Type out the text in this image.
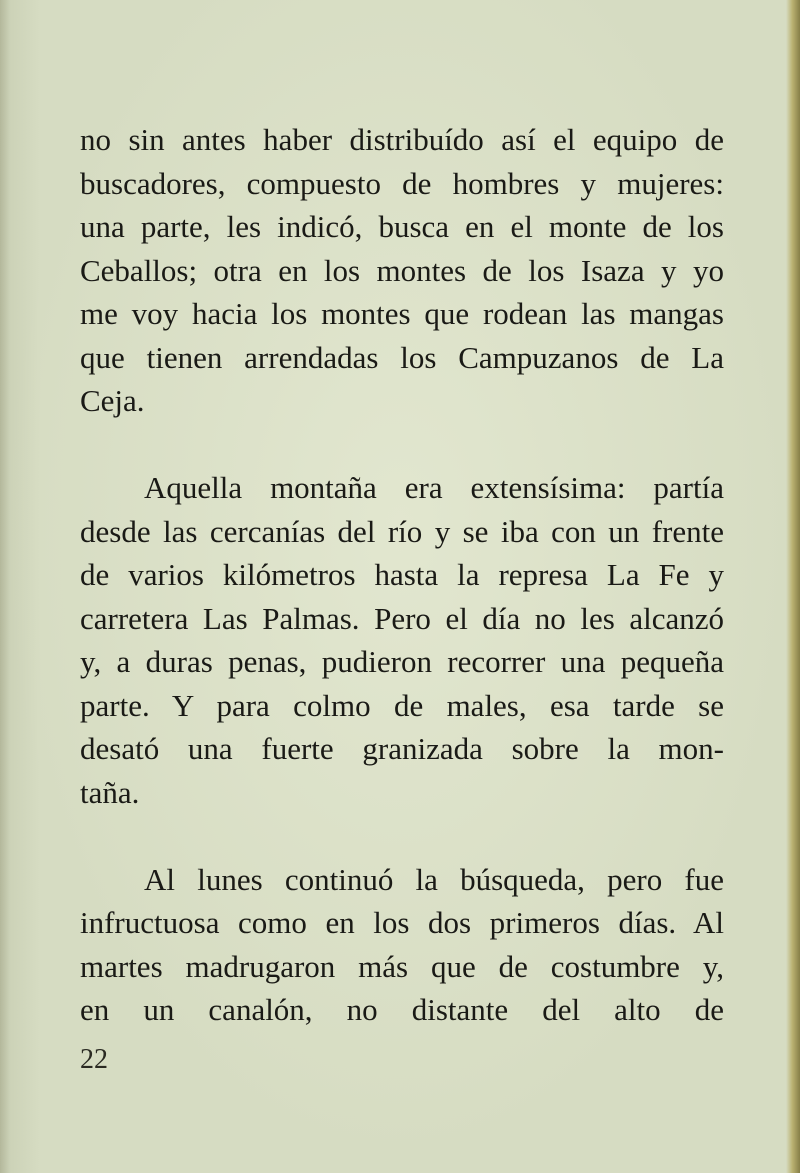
no sin antes haber distribuído así el equipo de
buscadores, compuesto de hombres y mujeres:
una parte, les indicó, busca en el monte de los
Ceballos; otra en los montes de los Isaza y yo
me voy hacia los montes que rodean las mangas
que tienen arrendadas los Campuzanos de La
Ceja.
Aquella montaña era extensísima: partía
desde las cercanías del río y se iba con un frente
de varios kilómetros hasta la represa La Fe y
carretera Las Palmas. Pero el día no les alcanzó
y, a duras penas, pudieron recorrer una pequeña
parte. Y para colmo de males, esa tarde se
desató una fuerte granizada sobre la mon-
taña.
Al lunes continuó la búsqueda, pero fue
infructuosa como en los dos primeros días. Al
martes madrugaron más que de costumbre y,
en un canalón, no distante del alto de
22
